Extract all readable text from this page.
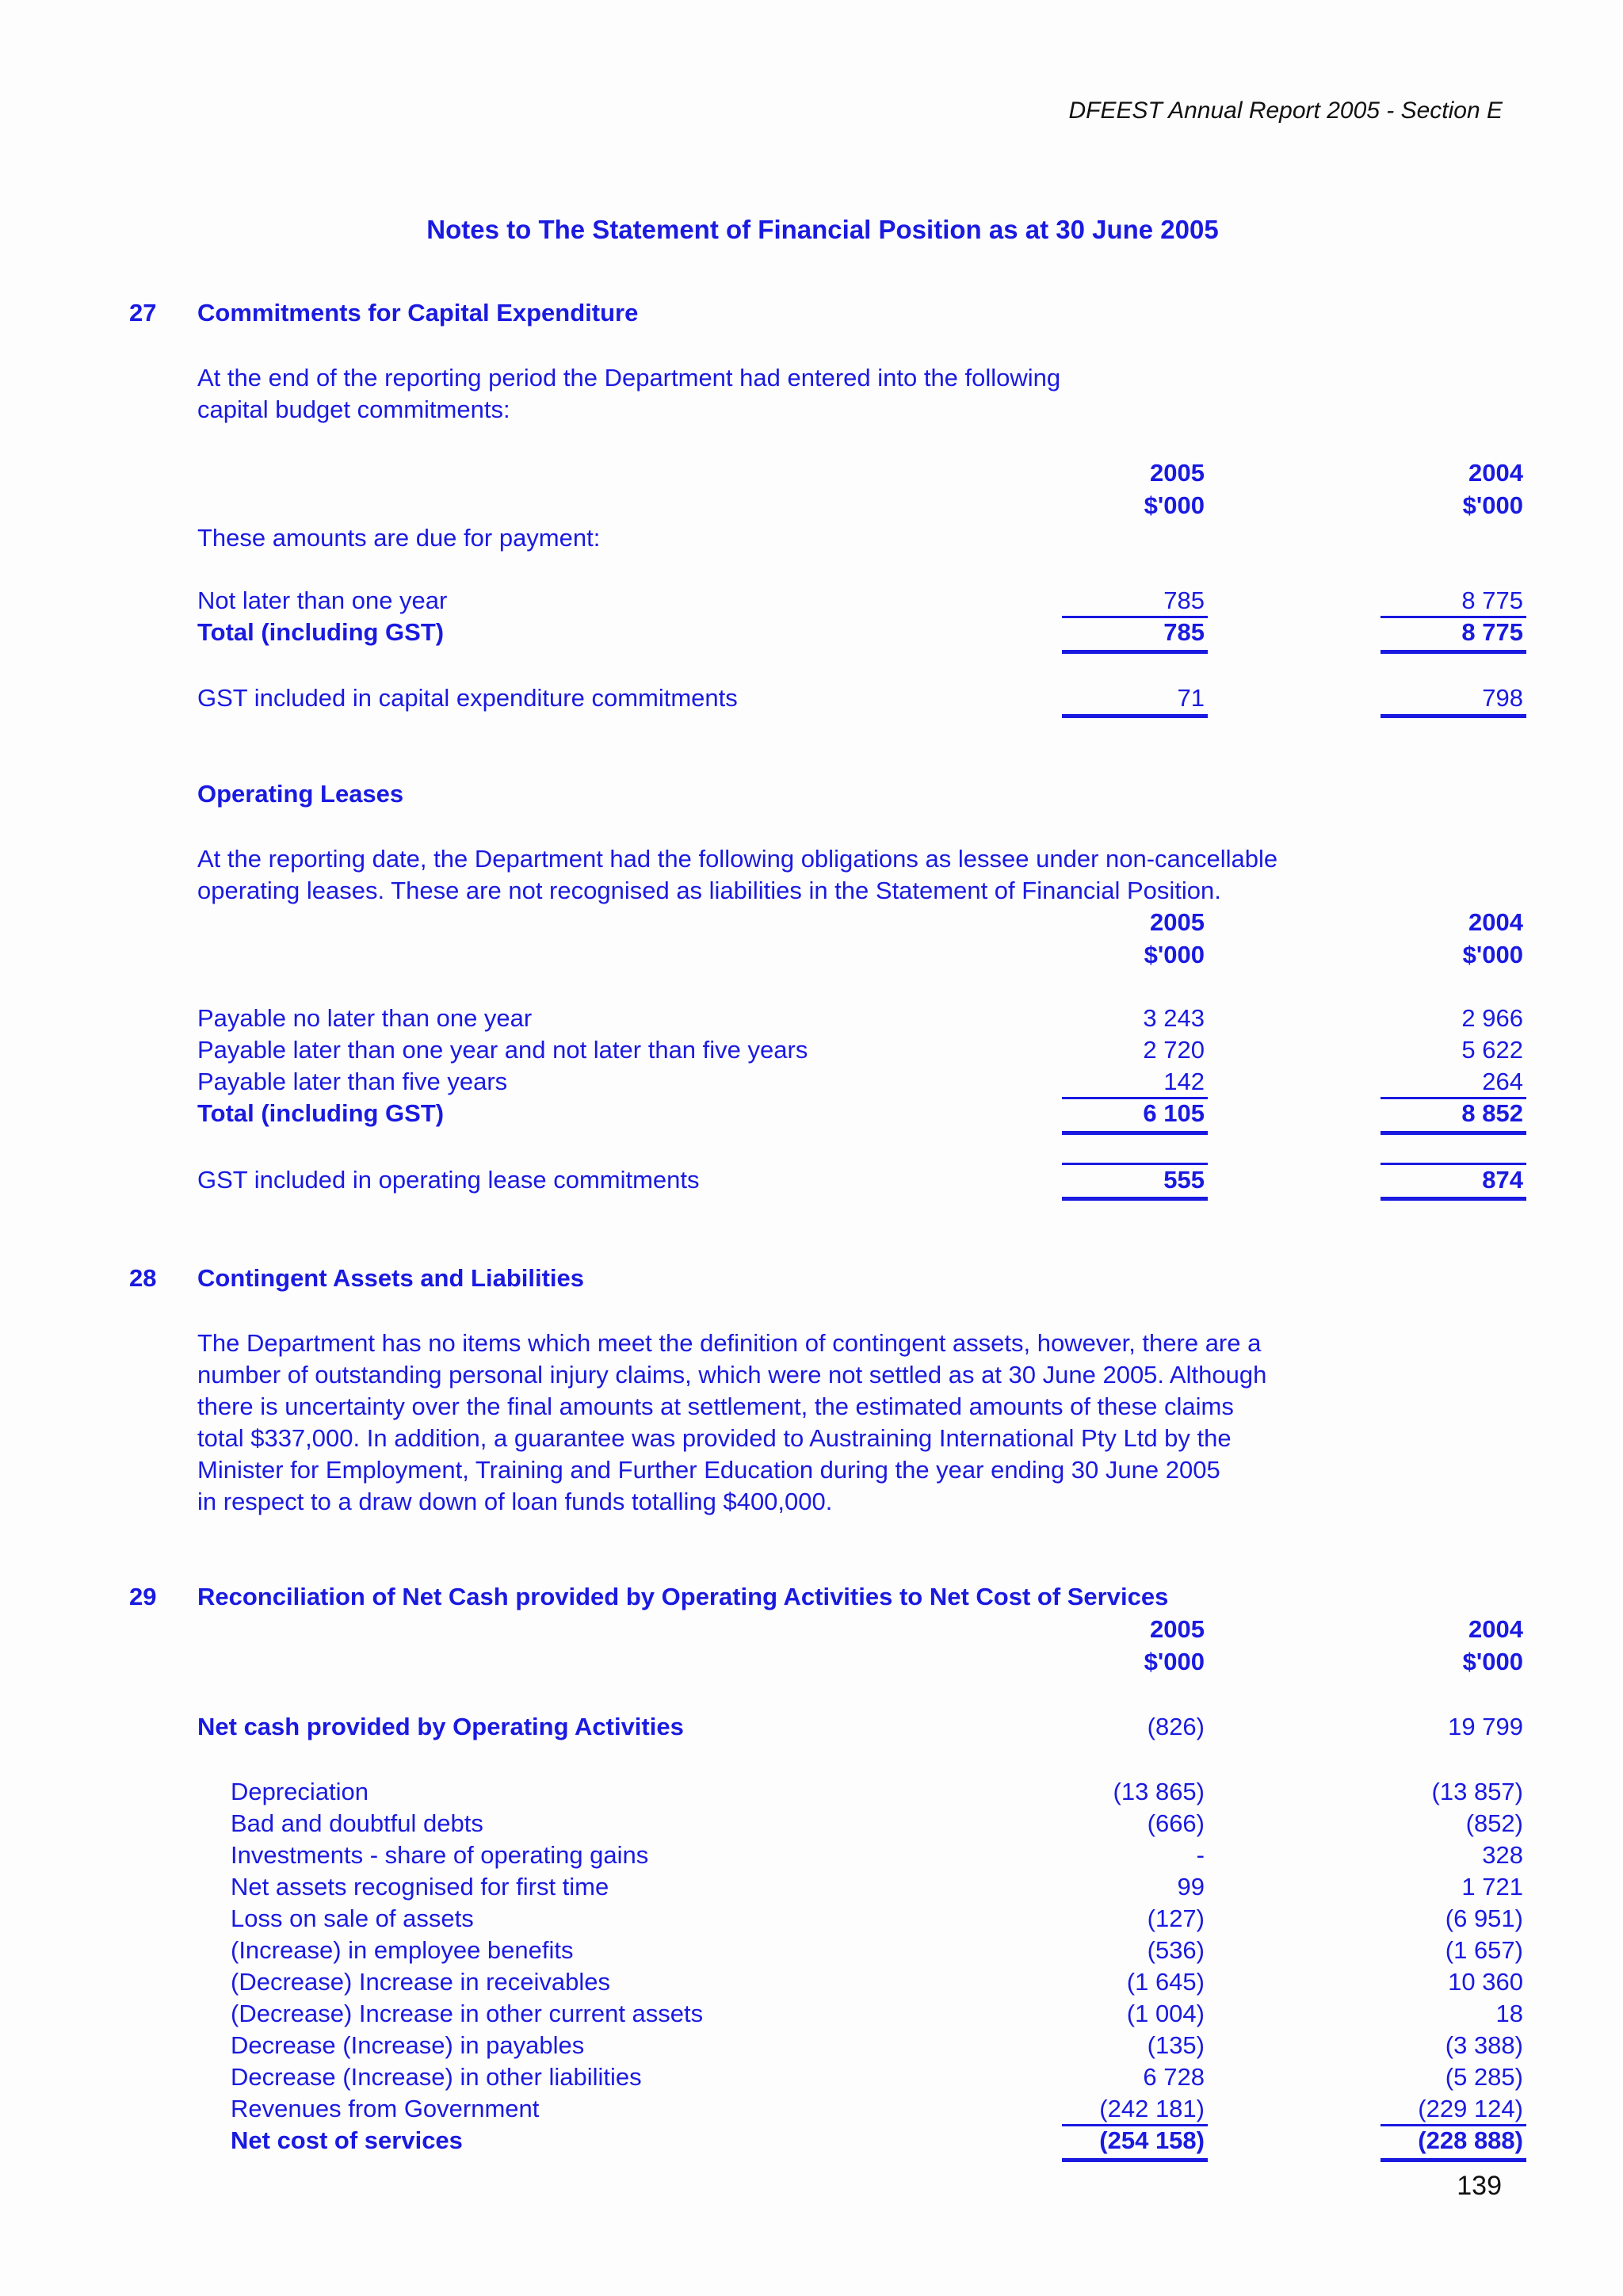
DFEEST Annual Report 2005 - Section E
Notes to The Statement of Financial Position as at 30 June 2005
27 Commitments for Capital Expenditure
At the end of the reporting period the Department had entered into the following
capital budget commitments:
2005	2004
$'000	$'000
These amounts are due for payment:
Not later than one year	785	8 775
Total (including GST)	785	8 775
GST included in capital expenditure commitments	71	798
Operating Leases
At the reporting date, the Department had the following obligations as lessee under non-cancellable
operating leases. These are not recognised as liabilities in the Statement of Financial Position.
2005	2004
$'000	$'000
Payable no later than one year	3 243	2 966
Payable later than one year and not later than five years	2 720	5 622
Payable later than five years	142	264
Total (including GST)	6 105	8 852
GST included in operating lease commitments	555	874
28 Contingent Assets and Liabilities
The Department has no items which meet the definition of contingent assets, however, there are a
number of outstanding personal injury claims, which were not settled as at 30 June 2005. Although
there is uncertainty over the final amounts at settlement, the estimated amounts of these claims
total $337,000. In addition, a guarantee was provided to Austraining International Pty Ltd by the
Minister for Employment, Training and Further Education during the year ending 30 June 2005
in respect to a draw down of loan funds totalling $400,000.
29 Reconciliation of Net Cash provided by Operating Activities to Net Cost of Services
2005	2004
$'000	$'000
Net cash provided by Operating Activities	(826)	19 799
Depreciation	(13 865)	(13 857)
Bad and doubtful debts	(666)	(852)
Investments - share of operating gains	-	328
Net assets recognised for first time	99	1 721
Loss on sale of assets	(127)	(6 951)
(Increase) in employee benefits	(536)	(1 657)
(Decrease) Increase in receivables	(1 645)	10 360
(Decrease) Increase in other current assets	(1 004)	18
Decrease (Increase) in payables	(135)	(3 388)
Decrease (Increase) in other liabilities	6 728	(5 285)
Revenues from Government	(242 181)	(229 124)
Net cost of services	(254 158)	(228 888)
139
